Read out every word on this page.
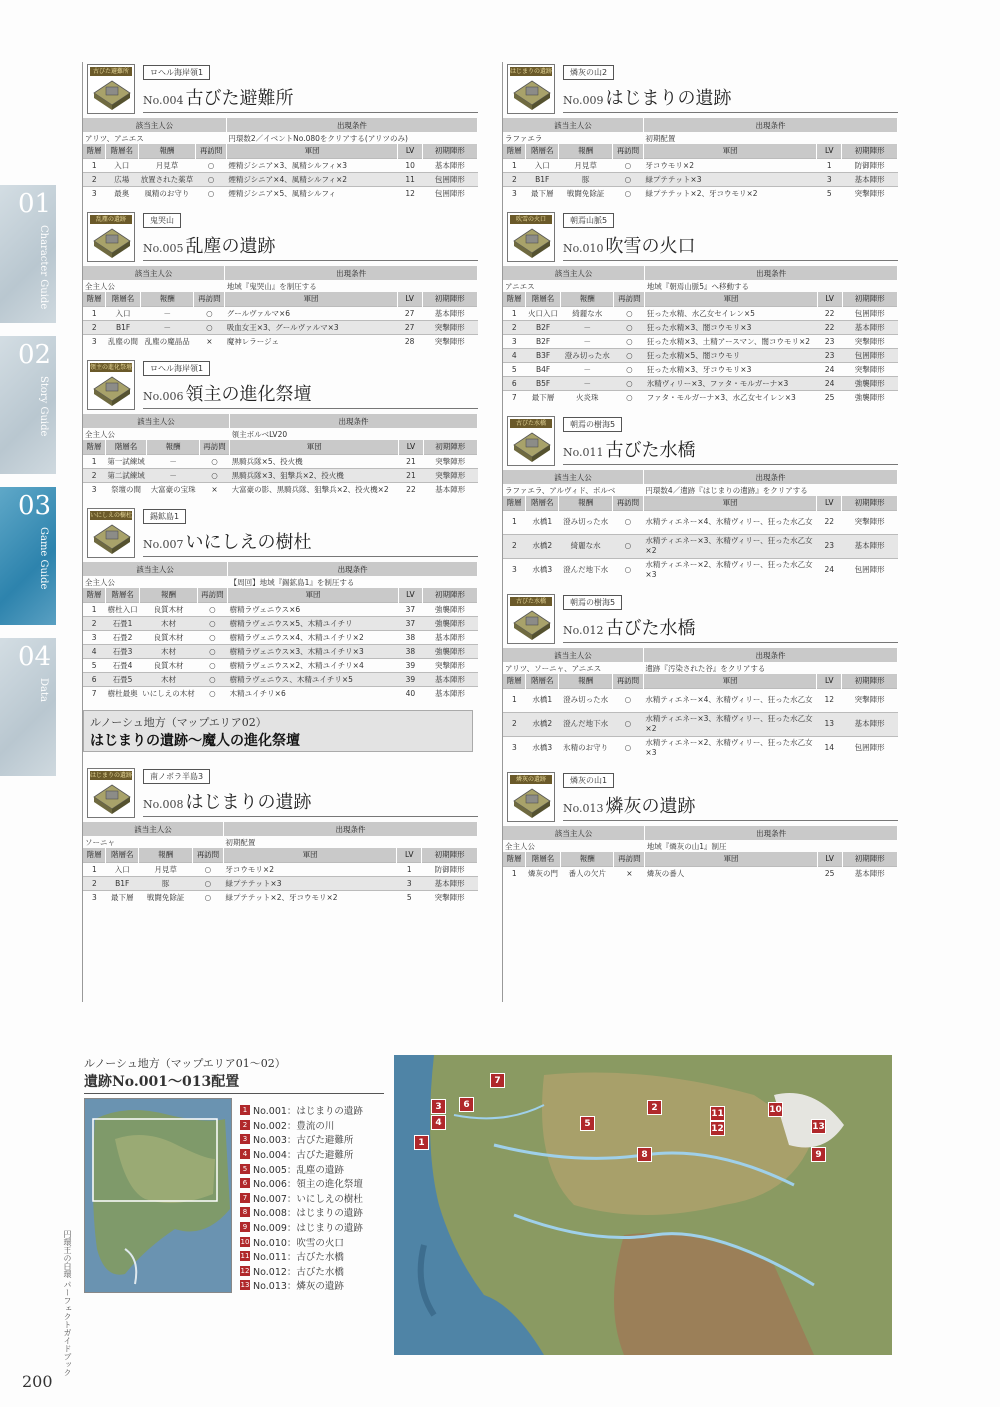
01
Character Guide
02
Story Guide
03
Game Guide
04
Data
古びた避難所	ロヘル海岸領1
No.004 古びた避難所
該当主人公				出現条件		
アリツ、アニエス				円環数2／イベントNo.080をクリアする(アリツのみ)		
階層	階層名	報酬	再訪問	軍団	LV	初期陣形
1	入口	月見草	○	煙精ジシニア×3、風精シルフィ×3	10	基本陣形
2	広場	放置された薬草	○	煙精ジシニア×4、風精シルフィ×2	11	包囲陣形
3	最奥	風精のお守り	○	煙精ジシニア×5、風精シルフィ	12	包囲陣形
乱塵の遺跡	鬼哭山
No.005 乱塵の遺跡
該当主人公				出現条件		
全主人公				地域『鬼哭山』を制圧する		
階層	階層名	報酬	再訪問	軍団	LV	初期陣形
1	入口	－	○	グールヴァルマ×6	27	基本陣形
2	B1F	－	○	吸血女王×3、グールヴァルマ×3	27	突撃陣形
3	乱塵の間	乱塵の魔晶品	×	魔神レラージェ	28	突撃陣形
領主の進化祭壇	ロヘル海岸領1
No.006 領主の進化祭壇
該当主人公				出現条件		
全主人公				領主ボルベLV20		
階層	階層名	報酬	再訪問	軍団	LV	初期陣形
1	第一試練域	－	○	黒騎兵隊×5、投火機	21	突撃陣形
2	第二試練域	－	○	黒騎兵隊×3、狙撃兵×2、投火機	21	突撃陣形
3	祭壇の間	大富豪の宝珠	×	大富豪の影、黒騎兵隊、狙撃兵×2、投火機×2	22	基本陣形
いにしえの樹杜	錫鉱島1
No.007 いにしえの樹杜
該当主人公				出現条件		
全主人公				【周回】地域『錫鉱島1』を制圧する		
階層	階層名	報酬	再訪問	軍団	LV	初期陣形
1	樹杜入口	良質木材	○	樹精ラヴェニウス×6	37	強襲陣形
2	石畳1	木材	○	樹精ラヴェニウス×5、木精ユイチリ	37	強襲陣形
3	石畳2	良質木材	○	樹精ラヴェニウス×4、木精ユイチリ×2	38	基本陣形
4	石畳3	木材	○	樹精ラヴェニウス×3、木精ユイチリ×3	38	強襲陣形
5	石畳4	良質木材	○	樹精ラヴェニウス×2、木精ユイチリ×4	39	突撃陣形
6	石畳5	木材	○	樹精ラヴェニウス、木精ユイチリ×5	39	基本陣形
7	樹杜最奥	いにしえの木材	○	木精ユイチリ×6	40	基本陣形
ルノーシュ地方（マップエリア02）
はじまりの遺跡～魔人の進化祭壇
はじまりの遺跡	南ノボラ半島3
No.008 はじまりの遺跡
該当主人公				出現条件		
ソーニャ				初期配置		
階層	階層名	報酬	再訪問	軍団	LV	初期陣形
1	入口	月見草	○	牙コウモリ×2	1	防御陣形
2	B1F	豚	○	緑プテテット×3	3	基本陣形
3	最下層	戦闘免除証	○	緑プテテット×2、牙コウモリ×2	5	突撃陣形
はじまりの遺跡	燐灰の山2
No.009 はじまりの遺跡
該当主人公				出現条件		
ラファエラ				初期配置		
階層	階層名	報酬	再訪問	軍団	LV	初期陣形
1	入口	月見草	○	牙コウモリ×2	1	防御陣形
2	B1F	豚	○	緑プテテット×3	3	基本陣形
3	最下層	戦闘免除証	○	緑プテテット×2、牙コウモリ×2	5	突撃陣形
吹雪の火口	朝焉山脈5
No.010 吹雪の火口
該当主人公				出現条件		
アニエス				地域『朝焉山脈5』へ移動する		
階層	階層名	報酬	再訪問	軍団	LV	初期陣形
1	火口入口	綺麗な水	○	狂った水精、水乙女セイレン×5	22	包囲陣形
2	B2F	－	○	狂った水精×3、闇コウモリ×3	22	基本陣形
3	B2F	－	○	狂った水精×3、土精アースマン、闇コウモリ×2	23	突撃陣形
4	B3F	澄み切った水	○	狂った水精×5、闇コウモリ	23	包囲陣形
5	B4F	－	○	狂った水精×3、牙コウモリ×3	24	突撃陣形
6	B5F	－	○	氷精ヴィリー×3、ファタ・モルガーナ×3	24	強襲陣形
7	最下層	火炎珠	○	ファタ・モルガーナ×3、水乙女セイレン×3	25	強襲陣形
古びた水橋	朝焉の樹海5
No.011 古びた水橋
該当主人公				出現条件		
ラファエラ、アルヴィド、ボルベ				円環数4／遺跡『はじまりの遺跡』をクリアする		
階層	階層名	報酬	再訪問	軍団	LV	初期陣形
1	水橋1	澄み切った水	○	水精ティエネー×4、氷精ヴィリー、狂った水乙女	22	突撃陣形
2	水橋2	綺麗な水	○	水精ティエネー×3、氷精ヴィリー、狂った水乙女×2	23	基本陣形
3	水橋3	澄んだ地下水	○	水精ティエネー×2、氷精ヴィリー、狂った水乙女×3	24	包囲陣形
古びた水橋	朝焉の樹海5
No.012 古びた水橋
該当主人公				出現条件		
アリツ、ソーニャ、アニエス				遺跡『汚染された谷』をクリアする		
階層	階層名	報酬	再訪問	軍団	LV	初期陣形
1	水橋1	澄み切った水	○	水精ティエネー×4、氷精ヴィリー、狂った水乙女	12	突撃陣形
2	水橋2	澄んだ地下水	○	水精ティエネー×3、氷精ヴィリー、狂った水乙女×2	13	基本陣形
3	水橋3	氷精のお守り	○	水精ティエネー×2、氷精ヴィリー、狂った水乙女×3	14	包囲陣形
燐灰の遺跡	燐灰の山1
No.013 燐灰の遺跡
該当主人公				出現条件		
全主人公				地域『燐灰の山1』制圧		
階層	階層名	報酬	再訪問	軍団	LV	初期陣形
1	燐灰の門	番人の欠片	×	燐灰の番人	25	基本陣形
ルノーシュ地方（マップエリア01～02）
遺跡No.001～013配置
1 No.001：はじまりの遺跡
2 No.002：豊流の川
3 No.003：古びた避難所
4 No.004：古びた避難所
5 No.005：乱塵の遺跡
6 No.006：領主の進化祭壇
7 No.007：いにしえの樹杜
8 No.008：はじまりの遺跡
9 No.009：はじまりの遺跡
10 No.010：吹雪の火口
11 No.011：古びた水橋
12 No.012：古びた水橋
13 No.013：燐灰の遺跡
1
2
3
4	5
6
7
8	9
10
11
12	13
円環王の白環 パーフェクトガイドブック
200
